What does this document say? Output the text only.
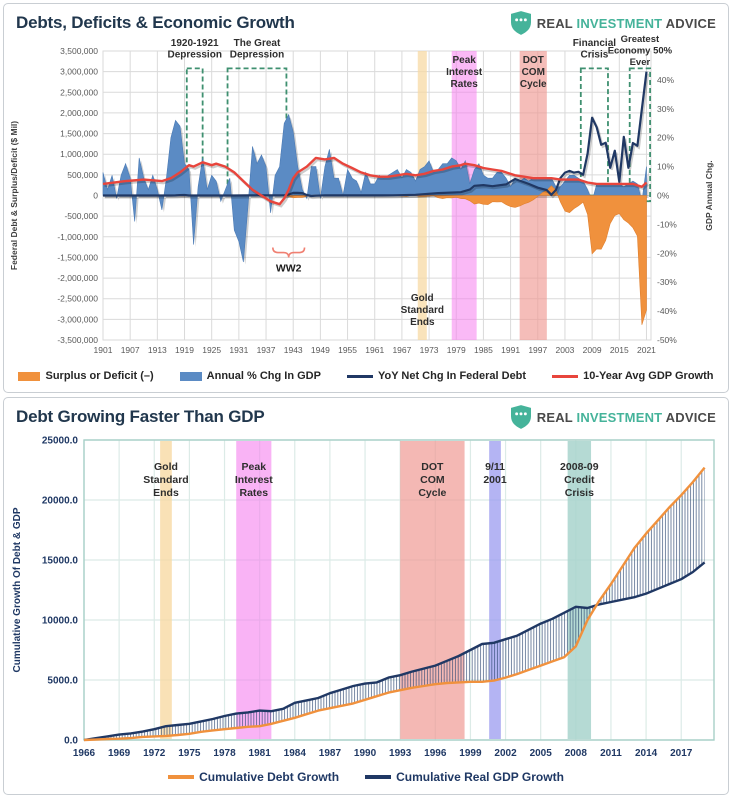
Debts, Deficits & Economic Growth	REAL INVESTMENT ADVICE
1920-1921 Depression
The Great Depression
Financial Crisis
Greatest Economy 50% Ever
Gold Standard Ends
Peak Interest Rates
DOT COM Cycle
WW2
-3,500,000
-3,000,000
-2,500,000
-2,000,000
-1,500,000
-1,000,000
-500,000
0
500,000
1,000,000
1,500,000
2,000,000
2,500,000
3,000,000
3,500,000
-50%
-40%
-30%
-20%
-10%
0%
10%
20%
30%
40%
1901 1907 1913 1919 1925 1931 1937 1943 1949 1955 1961 1967 1973 1979 1985 1991 1997 2003 2009 2015 2021
Federal Debt & Surplus/Deficit ($ Mil)	GDP Annual Chg.
Surplus or Deficit (–)	Annual % Chg In GDP	YoY Net Chg In Federal Debt	10-Year Avg GDP Growth
Debt Growing Faster Than GDP	REAL INVESTMENT ADVICE
Gold Standard Ends
Peak Interest Rates
DOT COM Cycle
9/11 2001
2008-09 Credit Crisis
0.0
5000.0
10000.0
15000.0
20000.0
25000.0
1966 1969 1972 1975 1978 1981 1984 1987 1990 1993 1996 1999 2002 2005 2008 2011 2014 2017
Cumulative Growth Of Debt & GDP
Cumulative Debt Growth	Cumulative Real GDP Growth
